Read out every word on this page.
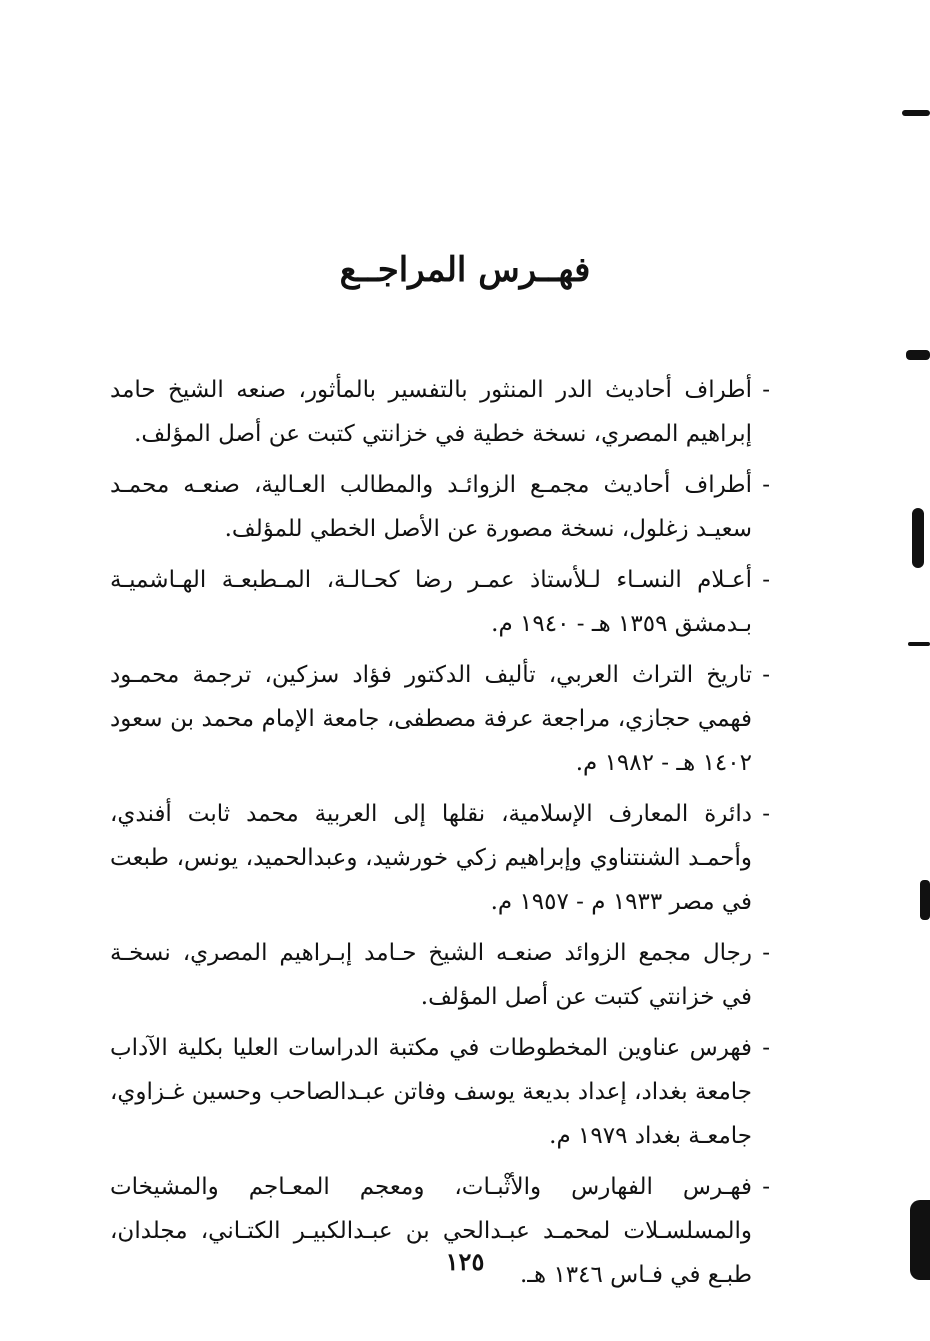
فهــرس المراجــع

-
أطراف أحاديث الدر المنثور بالتفسير بالمأثور، صنعه الشيخ حامد إبراهيم المصري، نسخة خطية في خزانتي كتبت عن أصل المؤلف.

-
أطراف أحاديث مجمـع الزوائـد والمطالب العـالية، صنعـه محمـد سعيـد زغلول، نسخة مصورة عن الأصل الخطي للمؤلف.

-
أعـلام النسـاء لـلأستاذ عمـر رضا كحـالـة، المـطبعـة الهـاشميـة بـدمشق ١٣٥٩ هـ - ١٩٤٠ م.

-
تاريخ التراث العربي، تأليف الدكتور فؤاد سزكين، ترجمة محمـود فهمي حجازي، مراجعة عرفة مصطفى، جامعة الإمام محمد بن سعود ١٤٠٢ هـ - ١٩٨٢ م.

-
دائرة المعارف الإسلامية، نقلها إلى العربية محمد ثابت أفندي، وأحمـد الشنتناوي وإبراهيم زكي خورشيد، وعبدالحميد، يونس، طبعت في مصر ١٩٣٣ م - ١٩٥٧ م.

-
رجال مجمع الزوائد صنعـه الشيخ حـامد إبـراهيم المصري، نسخـة في خزانتي كتبت عن أصل المؤلف.

-
فهرس عناوين المخطوطات في مكتبة الدراسات العليا بكلية الآداب جامعة بغداد، إعداد بديعة يوسف وفاتن عبـدالصاحب وحسين غـزاوي، جامعـة بغداد ١٩٧٩ م.

-
فهـرس الفهارس والأثْبـات، ومعجم المعـاجم والمشيخات والمسلسـلات لمحمـد عبـدالحي بن عبـدالكبيـر الكتـاني، مجلدان، طبـع في فـاس ١٣٤٦ هـ.

١٢٥
